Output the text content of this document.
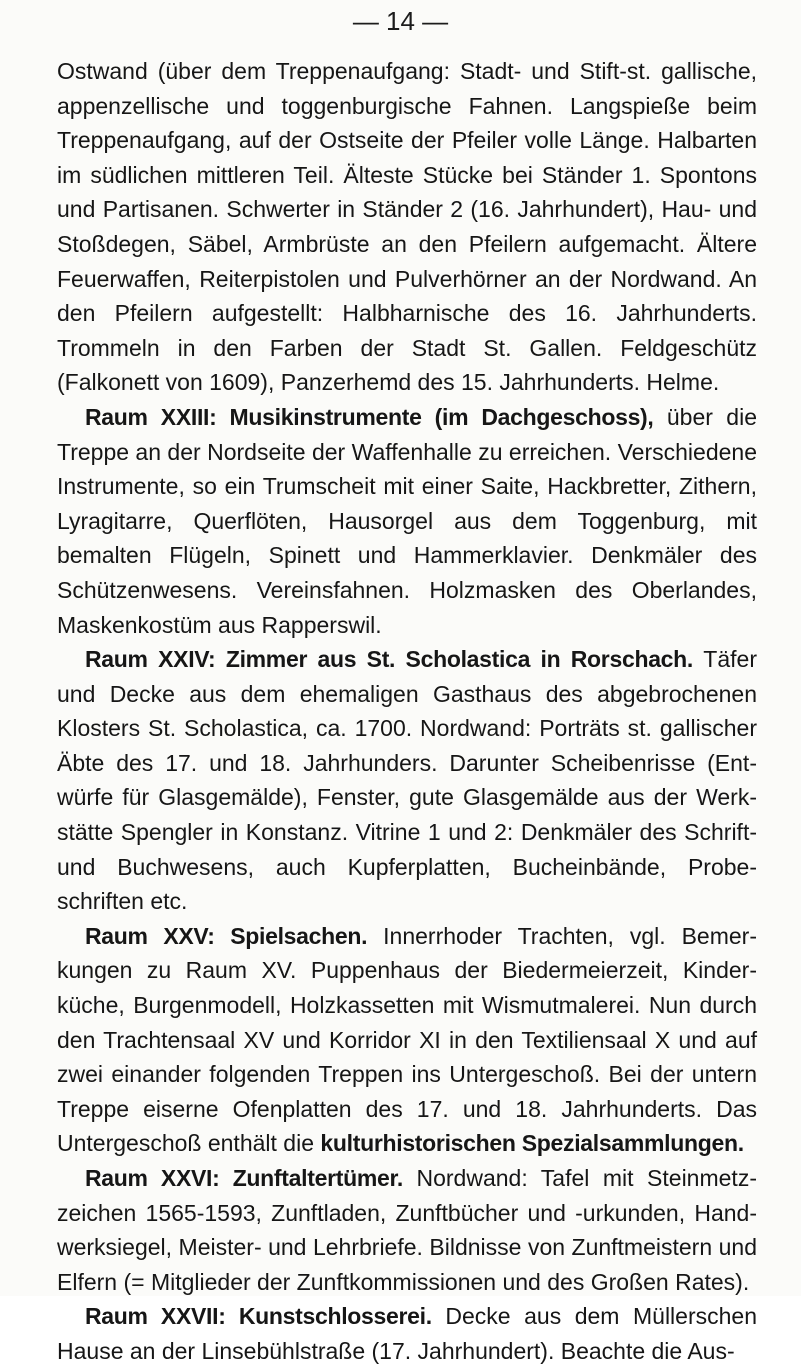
— 14 —

Ostwand (über dem Treppenaufgang: Stadt- und Stift-st. gallische, appenzellische und toggenburgische Fahnen. Langspieße beim Treppenaufgang, auf der Ostseite der Pfeiler volle Länge. Halbarten im südlichen mittleren Teil. Älteste Stücke bei Ständer 1. Spontons und Partisanen. Schwerter in Ständer 2 (16. Jahrhundert), Hau- und Stoßdegen, Säbel, Armbrüste an den Pfeilern aufgemacht. Ältere Feuerwaffen, Reiterpistolen und Pulverhörner an der Nordwand. An den Pfeilern aufgestellt: Halbharnische des 16. Jahrhunderts. Trommeln in den Farben der Stadt St. Gallen. Feldgeschütz (Falkonett von 1609), Panzerhemd des 15. Jahrhunderts. Helme.

Raum XXIII: Musikinstrumente (im Dachgeschoss), über die Treppe an der Nordseite der Waffenhalle zu erreichen. Verschiedene Instrumente, so ein Trumscheit mit einer Saite, Hackbretter, Zithern, Lyragitarre, Querflöten, Hausorgel aus dem Toggenburg, mit bemalten Flügeln, Spinett und Hammerklavier. Denkmäler des Schützenwesens. Vereinsfahnen. Holzmasken des Oberlandes, Maskenkostüm aus Rapperswil.

Raum XXIV: Zimmer aus St. Scholastica in Rorschach. Täfer und Decke aus dem ehemaligen Gasthaus des abgebrochenen Klosters St. Scholastica, ca. 1700. Nordwand: Porträts st. gallischer Äbte des 17. und 18. Jahrhunders. Darunter Scheibenrisse (Entwürfe für Glasgemälde), Fenster, gute Glasgemälde aus der Werkstätte Spengler in Konstanz. Vitrine 1 und 2: Denkmäler des Schrift- und Buchwesens, auch Kupferplatten, Bucheinbände, Probeschriften etc.

Raum XXV: Spielsachen. Innerrhoder Trachten, vgl. Bemerkungen zu Raum XV. Puppenhaus der Biedermeierzeit, Kinderküche, Burgenmodell, Holzkassetten mit Wismutmalerei. Nun durch den Trachtensaal XV und Korridor XI in den Textiliensaal X und auf zwei einander folgenden Treppen ins Untergeschoß. Bei der untern Treppe eiserne Ofenplatten des 17. und 18. Jahrhunderts. Das Untergeschoß enthält die kulturhistorischen Spezialsammlungen.

Raum XXVI: Zunftaltertümer. Nordwand: Tafel mit Steinmetzzeichen 1565-1593, Zunftladen, Zunftbücher und -urkunden, Handwerksiegel, Meister- und Lehrbriefe. Bildnisse von Zunftmeistern und Elfern (= Mitglieder der Zunftkommissionen und des Großen Rates).

Raum XXVII: Kunstschlosserei. Decke aus dem Müllerschen Hause an der Linsebühlstraße (17. Jahrhundert). Beachte die Aus-
